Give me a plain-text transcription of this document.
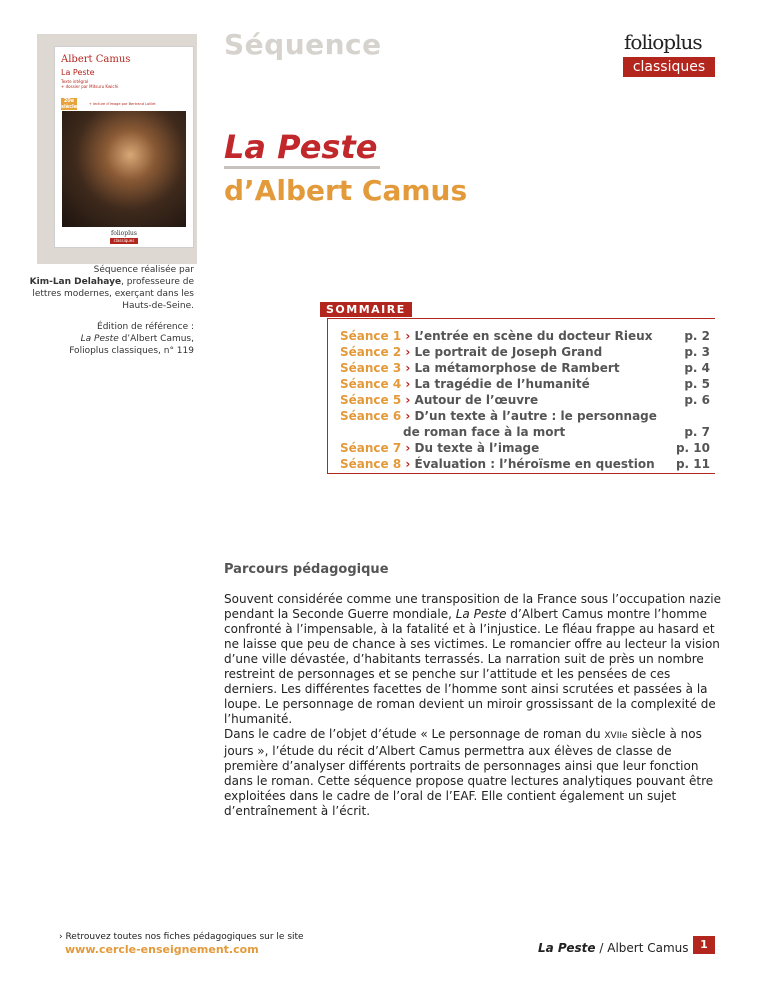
Albert Camus
La Peste
Texte intégral
+ dossier par Mitsuru Kwichi
20e siècle	+ lecture d’image par Bertrand Laillet
folioplus
classiques
Séquence réalisée par
Kim-Lan Delahaye, professeure de lettres modernes, exerçant dans les Hauts-de-Seine.
Édition de référence :
La Peste d’Albert Camus,
Folioplus classiques, n° 119
Séquence	folioplus
classiques
La Peste
d’Albert Camus
SOMMAIRE
Séance 1 › L’entrée en scène du docteur Rieux	p. 2
Séance 2 › Le portrait de Joseph Grand	p. 3
Séance 3 › La métamorphose de Rambert	p. 4
Séance 4 › La tragédie de l’humanité	p. 5
Séance 5 › Autour de l’œuvre	p. 6
Séance 6 › D’un texte à l’autre : le personnage
de roman face à la mort	p. 7
Séance 7 › Du texte à l’image	p. 10
Séance 8 › Évaluation : l’héroïsme en question p. 11
Parcours pédagogique

Souvent considérée comme une transposition de la France sous l’occupation nazie pendant la Seconde Guerre mondiale, La Peste d’Albert Camus montre l’homme confronté à l’impensable, à la fatalité et à l’injustice. Le fléau frappe au hasard et ne laisse que peu de chance à ses victimes. Le romancier offre au lecteur la vision d’une ville dévastée, d’habitants terrassés. La narration suit de près un nombre restreint de personnages et se penche sur l’attitude et les pensées de ces derniers. Les différentes facettes de l’homme sont ainsi scrutées et passées à la loupe. Le personnage de roman devient un miroir grossissant de la complexité de l’humanité.

Dans le cadre de l’objet d’étude « Le personnage de roman du XVIIe siècle à nos jours », l’étude du récit d’Albert Camus permettra aux élèves de classe de première d’analyser différents portraits de personnages ainsi que leur fonction dans le roman. Cette séquence propose quatre lectures analytiques pouvant être exploitées dans le cadre de l’oral de l’EAF. Elle contient également un sujet d’entraînement à l’écrit.

› Retrouvez toutes nos fiches pédagogiques sur le site
www.cercle-enseignement.com	La Peste / Albert Camus	1
